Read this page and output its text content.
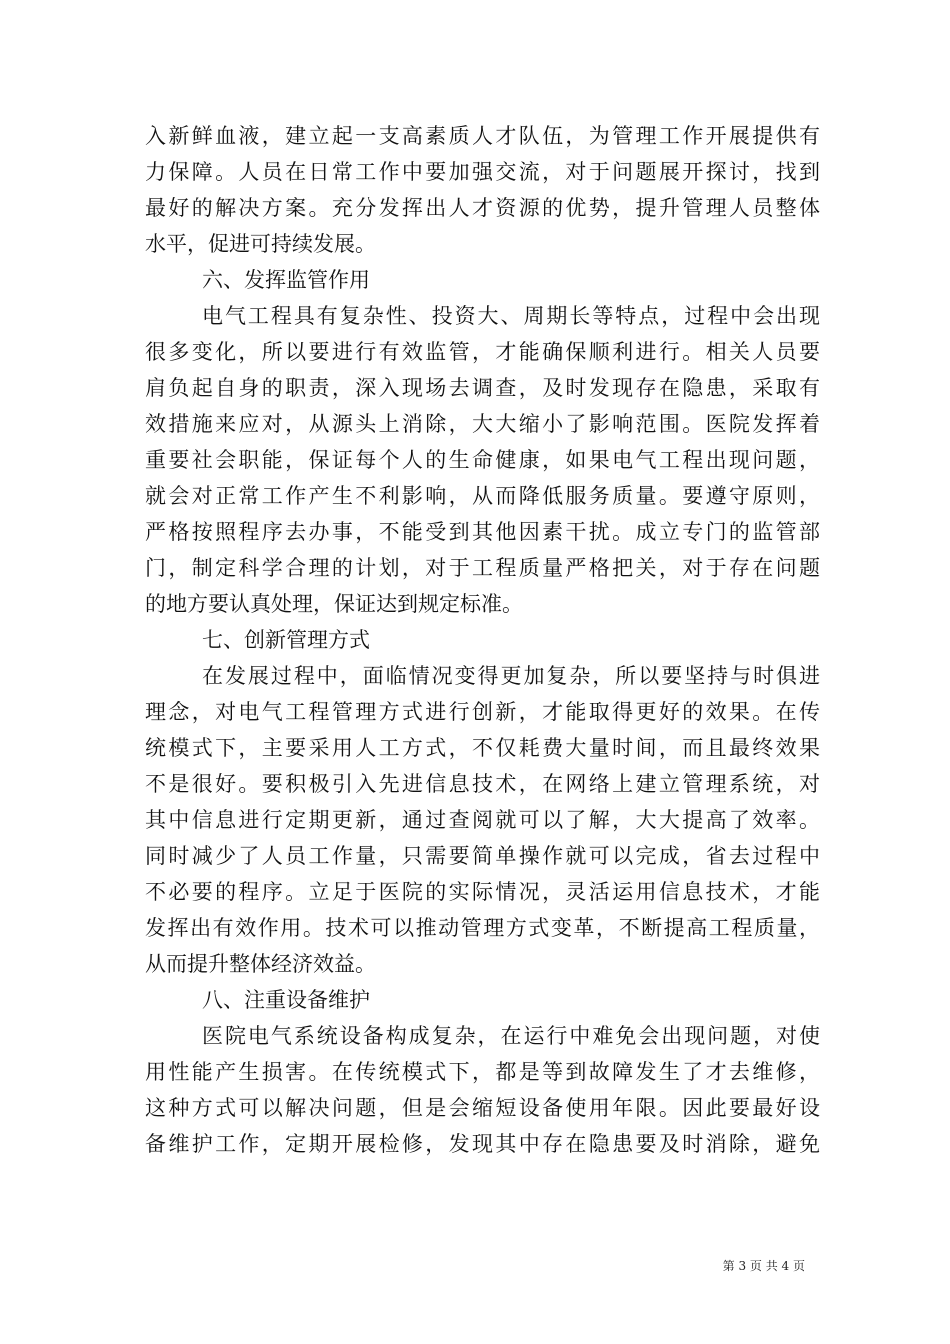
入新鲜血液，建立起一支高素质人才队伍，为管理工作开展提供有
力保障。人员在日常工作中要加强交流，对于问题展开探讨，找到
最好的解决方案。充分发挥出人才资源的优势，提升管理人员整体
水平，促进可持续发展。
六、发挥监管作用
电气工程具有复杂性、投资大、周期长等特点，过程中会出现
很多变化，所以要进行有效监管，才能确保顺利进行。相关人员要
肩负起自身的职责，深入现场去调查，及时发现存在隐患，采取有
效措施来应对，从源头上消除，大大缩小了影响范围。医院发挥着
重要社会职能，保证每个人的生命健康，如果电气工程出现问题，
就会对正常工作产生不利影响，从而降低服务质量。要遵守原则，
严格按照程序去办事，不能受到其他因素干扰。成立专门的监管部
门，制定科学合理的计划，对于工程质量严格把关，对于存在问题
的地方要认真处理，保证达到规定标准。
七、创新管理方式
在发展过程中，面临情况变得更加复杂，所以要坚持与时俱进
理念，对电气工程管理方式进行创新，才能取得更好的效果。在传
统模式下，主要采用人工方式，不仅耗费大量时间，而且最终效果
不是很好。要积极引入先进信息技术，在网络上建立管理系统，对
其中信息进行定期更新，通过查阅就可以了解，大大提高了效率。
同时减少了人员工作量，只需要简单操作就可以完成，省去过程中
不必要的程序。立足于医院的实际情况，灵活运用信息技术，才能
发挥出有效作用。技术可以推动管理方式变革，不断提高工程质量，
从而提升整体经济效益。
八、注重设备维护
医院电气系统设备构成复杂，在运行中难免会出现问题，对使
用性能产生损害。在传统模式下，都是等到故障发生了才去维修，
这种方式可以解决问题，但是会缩短设备使用年限。因此要最好设
备维护工作，定期开展检修，发现其中存在隐患要及时消除，避免
第 3 页 共 4 页
